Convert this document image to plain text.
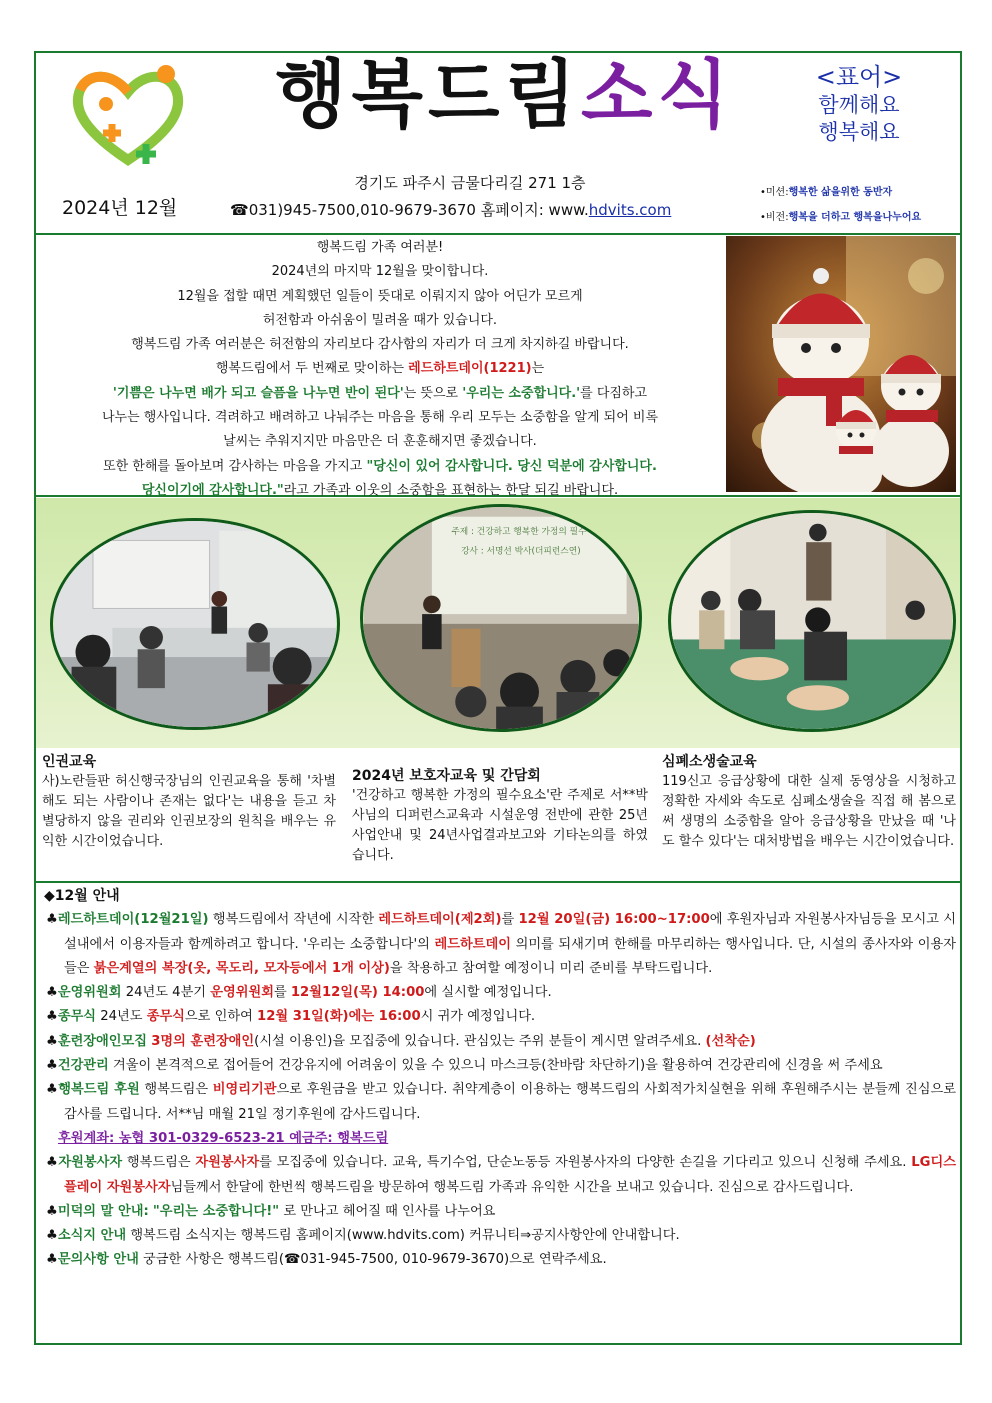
행복드림소식	<표어>
함께해요
행복해요
2024년 12월
경기도 파주시 금물다리길 271 1층
☎031)945-7500,010-9679-3670 홈페이지: www.hdvits.com
•미션:행복한 삶을위한 동반자
•비전:행복을 더하고 행복을나누어요
행복드림 가족 여러분!
2024년의 마지막 12월을 맞이합니다.
12월을 접할 때면 계획했던 일들이 뜻대로 이뤄지지 않아 어딘가 모르게
허전함과 아쉬움이 밀려올 때가 있습니다.
행복드림 가족 여러분은 허전함의 자리보다 감사함의 자리가 더 크게 차지하길 바랍니다.
행복드림에서 두 번째로 맞이하는 레드하트데이(1221)는
'기쁨은 나누면 배가 되고 슬픔을 나누면 반이 된다'는 뜻으로 '우리는 소중합니다.'를 다짐하고
나누는 행사입니다. 격려하고 배려하고 나눠주는 마음을 통해 우리 모두는 소중함을 알게 되어 비록
날씨는 추워지지만 마음만은 더 훈훈해지면 좋겠습니다.
또한 한해를 돌아보며 감사하는 마음을 가지고 "당신이 있어 감사합니다. 당신 덕분에 감사합니다.
당신이기에 감사합니다."라고 가족과 이웃의 소중함을 표현하는 한달 되길 바랍니다.
주제 : 건강하고 행복한 가정의 필수
강사 : 서명선 박사(더피런스연)
인권교육
사)노란들판 허신행국장님의 인권교육을 통해 '차별해도 되는 사람이나 존재는 없다'는 내용을 듣고 차별당하지 않을 권리와 인권보장의 원칙을 배우는 유익한 시간이었습니다.
2024년 보호자교육 및 간담회
'건강하고 행복한 가정의 필수요소'란 주제로 서**박사님의 디퍼런스교육과 시설운영 전반에 관한 25년사업안내 및 24년사업결과보고와 기타논의를 하였습니다.
심폐소생술교육
119신고 응급상황에 대한 실제 동영상을 시청하고 정확한 자세와 속도로 심폐소생술을 직접 해 봄으로써 생명의 소중함을 알아 응급상황을 만났을 때 '나도 할수 있다'는 대처방법을 배우는 시간이었습니다.
◆12월 안내
♣레드하트데이(12월21일) 행복드림에서 작년에 시작한 레드하트데이(제2회)를 12월 20일(금) 16:00~17:00에 후원자님과 자원봉사자님등을 모시고 시설내에서 이용자들과 함께하려고 합니다. '우리는 소중합니다'의 레드하트데이 의미를 되새기며 한해를 마무리하는 행사입니다. 단, 시설의 종사자와 이용자들은 붉은계열의 복장(옷, 목도리, 모자등에서 1개 이상)을 착용하고 참여할 예정이니 미리 준비를 부탁드립니다.
♣운영위원회 24년도 4분기 운영위원회를 12월12일(목) 14:00에 실시할 예정입니다.
♣종무식 24년도 종무식으로 인하여 12월 31일(화)에는 16:00시 귀가 예정입니다.
♣훈련장애인모집 3명의 훈련장애인(시설 이용인)을 모집중에 있습니다. 관심있는 주위 분들이 계시면 알려주세요. (선착순)
♣건강관리 겨울이 본격적으로 접어들어 건강유지에 어려움이 있을 수 있으니 마스크등(찬바람 차단하기)을 활용하여 건강관리에 신경을 써 주세요
♣행복드림 후원 행복드림은 비영리기관으로 후원금을 받고 있습니다. 취약계층이 이용하는 행복드림의 사회적가치실현을 위해 후원해주시는 분들께 진심으로 감사를 드립니다. 서**님 매월 21일 정기후원에 감사드립니다.
후원계좌: 농협 301-0329-6523-21 예금주: 행복드림
♣자원봉사자 행복드림은 자원봉사자를 모집중에 있습니다. 교육, 특기수업, 단순노동등 자원봉사자의 다양한 손길을 기다리고 있으니 신청해 주세요. LG디스플레이 자원봉사자님들께서 한달에 한번씩 행복드림을 방문하여 행복드림 가족과 유익한 시간을 보내고 있습니다. 진심으로 감사드립니다.
♣미덕의 말 안내: "우리는 소중합니다!" 로 만나고 헤어질 때 인사를 나누어요
♣소식지 안내 행복드림 소식지는 행복드림 홈페이지(www.hdvits.com) 커뮤니티⇒공지사항안에 안내합니다.
♣문의사항 안내 궁금한 사항은 행복드림(☎031-945-7500, 010-9679-3670)으로 연락주세요.
